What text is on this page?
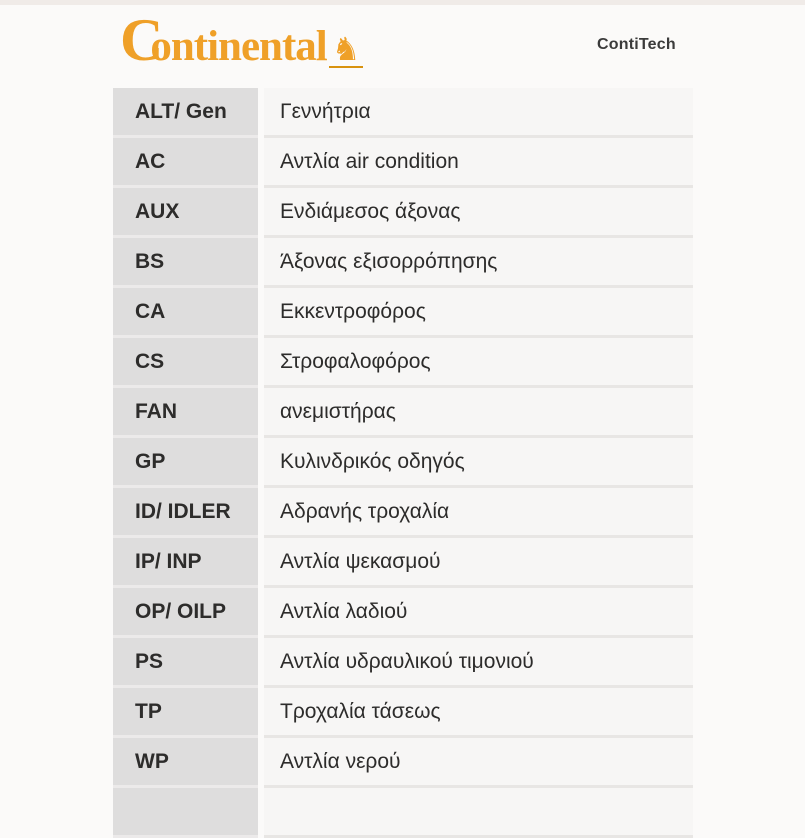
Continental ♞	ContiTech
ALT/ Gen	Γεννήτρια
AC	Αντλία air condition
AUX	Ενδιάμεσος άξονας
BS	Άξονας εξισορρόπησης
CA	Εκκεντροφόρος
CS	Στροφαλοφόρος
FAN	ανεμιστήρας
GP	Κυλινδρικός οδηγός
ID/ IDLER	Αδρανής τροχαλία
IP/ INP	Αντλία ψεκασμού
OP/ OILP	Αντλία λαδιού
PS	Αντλία υδραυλικού τιμονιού
TP	Τροχαλία τάσεως
WP	Αντλία νερού
